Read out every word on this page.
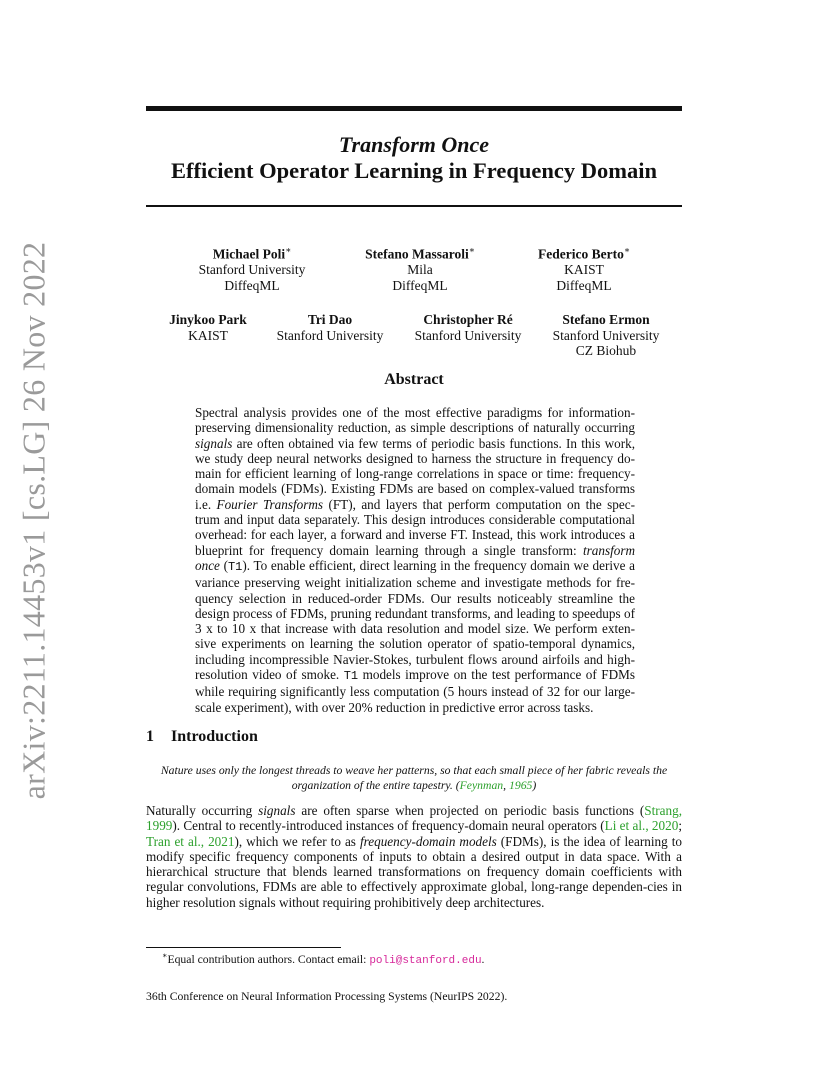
arXiv:2211.14453v1 [cs.LG] 26 Nov 2022
Transform Once
Efficient Operator Learning in Frequency Domain
Michael Poli∗
Stanford University
DiffeqML
Stefano Massaroli∗
Mila
DiffeqML
Federico Berto∗
KAIST
DiffeqML
Jinykoo Park
KAIST
Tri Dao
Stanford University
Christopher Ré
Stanford University
Stefano Ermon
Stanford University
CZ Biohub
Abstract
Spectral analysis provides one of the most effective paradigms for information-preserving dimensionality reduction, as simple descriptions of naturally occurring signals are often obtained via few terms of periodic basis functions. In this work, we study deep neural networks designed to harness the structure in frequency do-main for efficient learning of long-range correlations in space or time: frequency-domain models (FDMs). Existing FDMs are based on complex-valued transforms i.e. Fourier Transforms (FT), and layers that perform computation on the spec-trum and input data separately. This design introduces considerable computational overhead: for each layer, a forward and inverse FT. Instead, this work introduces a blueprint for frequency domain learning through a single transform: transform once (T1). To enable efficient, direct learning in the frequency domain we derive a variance preserving weight initialization scheme and investigate methods for fre-quency selection in reduced-order FDMs. Our results noticeably streamline the design process of FDMs, pruning redundant transforms, and leading to speedups of 3 x to 10 x that increase with data resolution and model size. We perform exten-sive experiments on learning the solution operator of spatio-temporal dynamics, including incompressible Navier-Stokes, turbulent flows around airfoils and high-resolution video of smoke. T1 models improve on the test performance of FDMs while requiring significantly less computation (5 hours instead of 32 for our large-scale experiment), with over 20% reduction in predictive error across tasks.
1 Introduction
Nature uses only the longest threads to weave her patterns, so that each small piece of her fabric reveals the organization of the entire tapestry. (Feynman, 1965)
Naturally occurring signals are often sparse when projected on periodic basis functions (Strang, 1999). Central to recently-introduced instances of frequency-domain neural operators (Li et al., 2020; Tran et al., 2021), which we refer to as frequency-domain models (FDMs), is the idea of learning to modify specific frequency components of inputs to obtain a desired output in data space. With a hierarchical structure that blends learned transformations on frequency domain coefficients with regular convolutions, FDMs are able to effectively approximate global, long-range dependen-cies in higher resolution signals without requiring prohibitively deep architectures.
∗Equal contribution authors. Contact email: poli@stanford.edu.
36th Conference on Neural Information Processing Systems (NeurIPS 2022).
